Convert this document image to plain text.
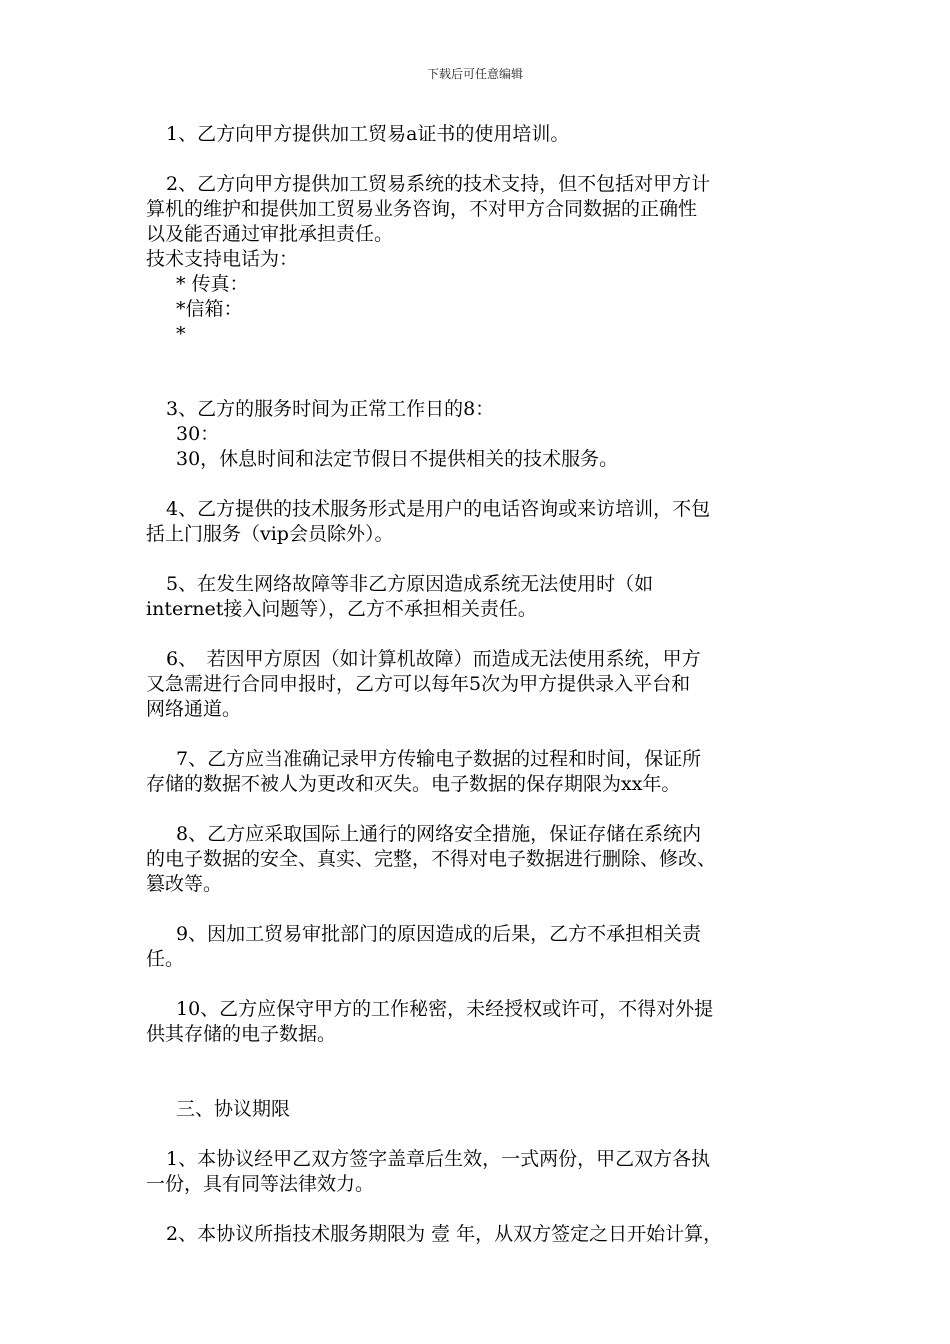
下载后可任意编辑

1、乙方向甲方提供加工贸易a证书的使用培训。

2、乙方向甲方提供加工贸易系统的技术支持，但不包括对甲方计
算机的维护和提供加工贸易业务咨询，不对甲方合同数据的正确性
以及能否通过审批承担责任。

技术支持电话为：
* 传真：
*信箱：
*

3、乙方的服务时间为正常工作日的8：
30：
30，休息时间和法定节假日不提供相关的技术服务。

4、乙方提供的技术服务形式是用户的电话咨询或来访培训，不包
括上门服务（vip会员除外）。

5、在发生网络故障等非乙方原因造成系统无法使用时（如
internet接入问题等），乙方不承担相关责任。

6、　若因甲方原因（如计算机故障）而造成无法使用系统，甲方
又急需进行合同申报时，乙方可以每年5次为甲方提供录入平台和
网络通道。

7、乙方应当准确记录甲方传输电子数据的过程和时间，保证所
存储的数据不被人为更改和灭失。电子数据的保存期限为xx年。

8、乙方应采取国际上通行的网络安全措施，保证存储在系统内
的电子数据的安全、真实、完整，不得对电子数据进行删除、修改、
篡改等。

9、因加工贸易审批部门的原因造成的后果，乙方不承担相关责
任。

10、乙方应保守甲方的工作秘密，未经授权或许可，不得对外提
供其存储的电子数据。

三、协议期限

1、本协议经甲乙双方签字盖章后生效，一式两份，甲乙双方各执
一份，具有同等法律效力。

2、本协议所指技术服务期限为 壹 年，从双方签定之日开始计算，
